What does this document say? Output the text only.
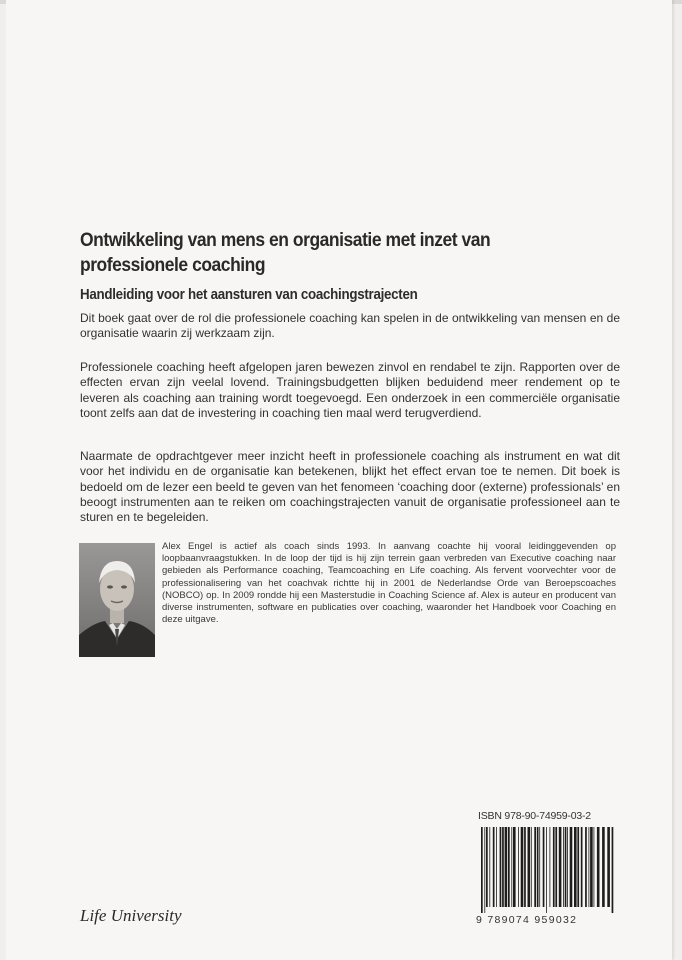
Ontwikkeling van mens en organisatie met inzet van professionele coaching
Handleiding voor het aansturen van coachingstrajecten

Dit boek gaat over de rol die professionele coaching kan spelen in de ontwikkeling van mensen en de organisatie waarin zij werkzaam zijn.

Professionele coaching heeft afgelopen jaren bewezen zinvol en rendabel te zijn. Rapporten over de effecten ervan zijn veelal lovend. Trainingsbudgetten blijken beduidend meer rendement op te leveren als coaching aan training wordt toegevoegd. Een onderzoek in een commerciële organisatie toont zelfs aan dat de investering in coaching tien maal werd terugverdiend.

Naarmate de opdrachtgever meer inzicht heeft in professionele coaching als instrument en wat dit voor het individu en de organisatie kan betekenen, blijkt het effect ervan toe te nemen. Dit boek is bedoeld om de lezer een beeld te geven van het fenomeen ‘coaching door (externe) professionals’ en beoogt instrumenten aan te reiken om coachingstrajecten vanuit de organisatie professioneel aan te sturen en te begeleiden.

Alex Engel is actief als coach sinds 1993. In aanvang coachte hij vooral leidinggevenden op loopbaanvraagstukken. In de loop der tijd is hij zijn terrein gaan verbreden van Executive coaching naar gebieden als Performance coaching, Teamcoaching en Life coaching. Als fervent voorvechter voor de professionalisering van het coachvak richtte hij in 2001 de Nederlandse Orde van Beroepscoaches (NOBCO) op. In 2009 rondde hij een Masterstudie in Coaching Science af. Alex is auteur en producent van diverse instrumenten, software en publicaties over coaching, waaronder het Handboek voor Coaching en deze uitgave.

ISBN 978-90-74959-03-2
9 789074 959032
Life University
